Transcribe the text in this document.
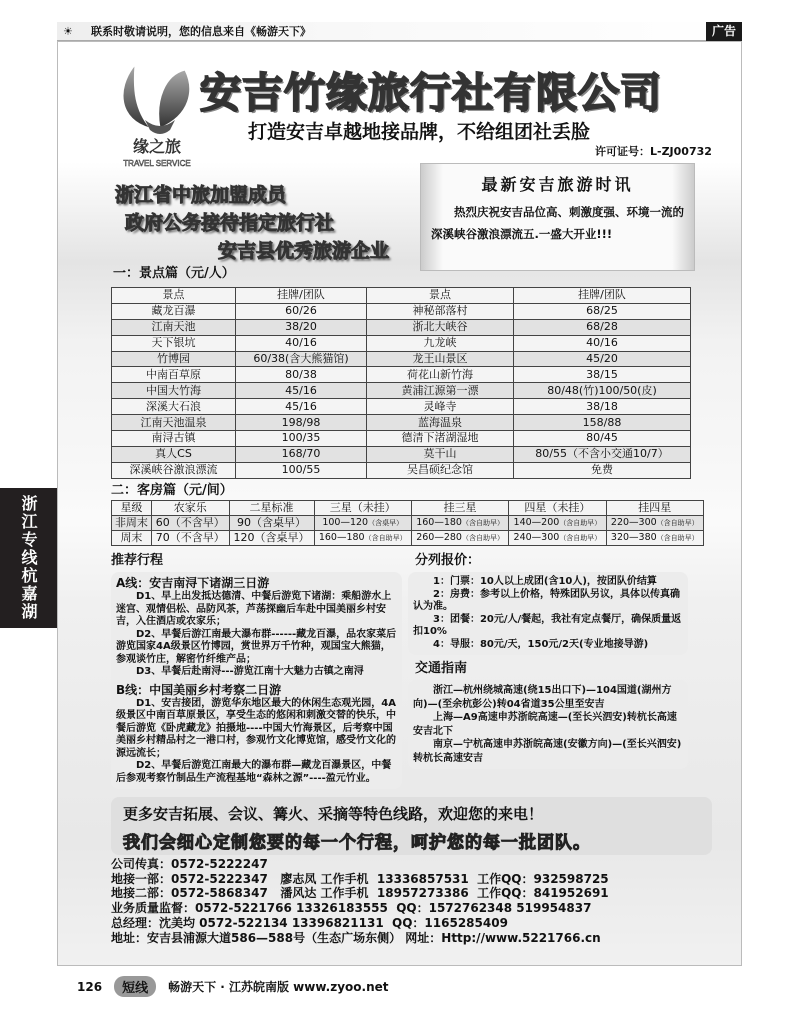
☀ 联系时敬请说明，您的信息来自《畅游天下》	广告
缘之旅
TRAVEL SERVICE
安吉竹缘旅行社有限公司
打造安吉卓越地接品牌，不给组团社丢脸
许可证号：L-ZJ00732
浙江省中旅加盟成员
政府公务接待指定旅行社
安吉县优秀旅游企业
最新安吉旅游时讯

热烈庆祝安吉品位高、刺激度强、环境一流的深溪峡谷激浪漂流五.一盛大开业!!!

一：景点篇（元/人）
景点	挂牌/团队	景点	挂牌/团队
藏龙百瀑	60/26	神秘部落村	68/25
江南天池	38/20	浙北大峡谷	68/28
天下银坑	40/16	九龙峡	40/16
竹博园	60/38(含大熊猫馆)	龙王山景区	45/20
中南百草原	80/38	荷花山新竹海	38/15
中国大竹海	45/16	黄浦江源第一漂	80/48(竹)100/50(皮)
深溪大石浪	45/16	灵峰寺	38/18
江南天池温泉	198/98	蓝海温泉	158/88
南浔古镇	100/35	德清下渚湖湿地	80/45
真人CS	168/70	莫干山	80/55（不含小交通10/7）
深溪峡谷激浪漂流	100/55	吴昌硕纪念馆	免费
二：客房篇（元/间）
星级	农家乐	二星标准	三星（未挂）	挂三星	四星（未挂）	挂四星
非周末	60（不含早）	90（含桌早）	100—120（含桌早）	160—180（含自助早）	140—200（含自助早）	220—300（含自助早）
周末	70（不含早）	120（含桌早）	160—180（含自助早）	260—280（含自助早）	240—300（含自助早）	320—380（含自助早）
推荐行程
A线：安吉南浔下诸湖三日游

D1、早上出发抵达德清、中餐后游览下诸湖：乘船游水上迷宫、观情侣松、品防风茶，芦荡探幽后车赴中国美丽乡村安吉，入住酒店或农家乐；

D2、早餐后游江南最大瀑布群------藏龙百瀑，品农家菜后游览国家4A级景区竹博园，赏世界万千竹种，观国宝大熊猫，参观谈竹庄，解密竹纤维产品；

D3、早餐后赴南浔---游览江南十大魅力古镇之南浔

B线：中国美丽乡村考察二日游

D1、安吉接团，游览华东地区最大的休闲生态观光园，4A级景区中南百草原景区，享受生态的悠闲和刺激交替的快乐，中餐后游览《卧虎藏龙》拍摄地----中国大竹海景区，后考察中国美丽乡村精品村之一港口村，参观竹文化博览馆，感受竹文化的源远流长；

D2、早餐后游览江南最大的瀑布群—藏龙百瀑景区，中餐后参观考察竹制品生产流程基地“森林之源”----盈元竹业。

分列报价：

1：门票：10人以上成团(含10人)，按团队价结算

2：房费：参考以上价格，特殊团队另议，具体以传真确认为准。

3：团餐：20元/人/餐起，我社有定点餐厅，确保质量返扣10%

4：导服：80元/天，150元/2天(专业地接导游)

交通指南

浙江—杭州绕城高速(绕15出口下)—104国道(湖州方向)—(至余杭彭公)转04省道35公里至安吉

上海—A9高速申苏浙皖高速—(至长兴泗安)转杭长高速安吉北下

南京—宁杭高速申苏浙皖高速(安徽方向)—(至长兴泗安)转杭长高速安吉

更多安吉拓展、会议、篝火、采摘等特色线路，欢迎您的来电！
我们会细心定制您要的每一个行程，呵护您的每一批团队。
公司传真：0572-5222247
地接一部：0572-5222347   廖志凤 工作手机  13336857531  工作QQ：932598725
地接二部：0572-5868347   潘风达 工作手机  18957273386  工作QQ：841952691
业务质量监督：0572-5221766 13326183555  QQ：1572762348 519954837
总经理：沈美均 0572-522134 13396821131  QQ：1165285409
地址：安吉县浦源大道586—588号（生态广场东侧） 网址：Http://www.5221766.cn
浙江专线杭嘉湖
126	短线	畅游天下 · 江苏皖南版 www.zyoo.net
